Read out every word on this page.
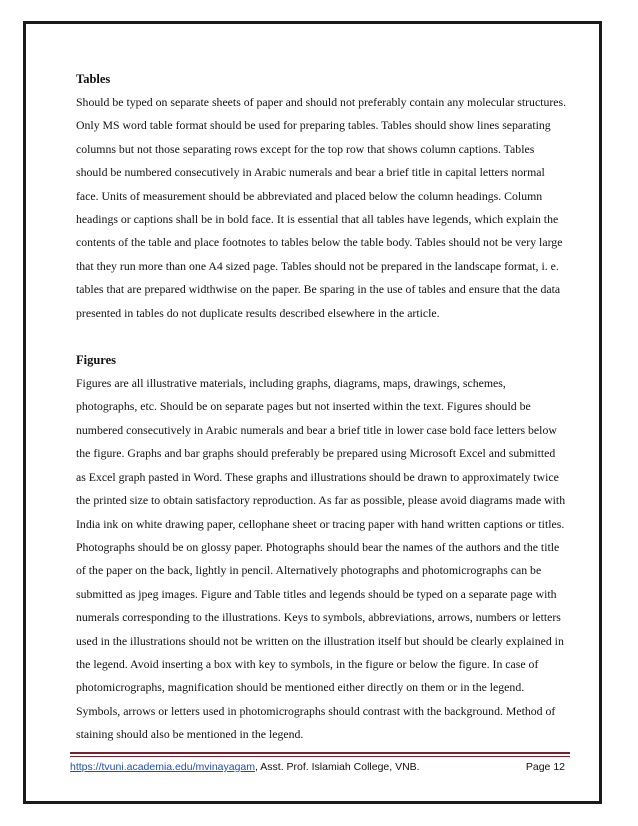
Tables

Should be typed on separate sheets of paper and should not preferably contain any molecular structures. Only MS word table format should be used for preparing tables. Tables should show lines separating columns but not those separating rows except for the top row that shows column captions. Tables should be numbered consecutively in Arabic numerals and bear a brief title in capital letters normal face. Units of measurement should be abbreviated and placed below the column headings. Column headings or captions shall be in bold face. It is essential that all tables have legends, which explain the contents of the table and place footnotes to tables below the table body. Tables should not be very large that they run more than one A4 sized page. Tables should not be prepared in the landscape format, i. e. tables that are prepared widthwise on the paper. Be sparing in the use of tables and ensure that the data presented in tables do not duplicate results described elsewhere in the article.

Figures

Figures are all illustrative materials, including graphs, diagrams, maps, drawings, schemes, photographs, etc. Should be on separate pages but not inserted within the text. Figures should be numbered consecutively in Arabic numerals and bear a brief title in lower case bold face letters below the figure. Graphs and bar graphs should preferably be prepared using Microsoft Excel and submitted as Excel graph pasted in Word. These graphs and illustrations should be drawn to approximately twice the printed size to obtain satisfactory reproduction. As far as possible, please avoid diagrams made with India ink on white drawing paper, cellophane sheet or tracing paper with hand written captions or titles. Photographs should be on glossy paper. Photographs should bear the names of the authors and the title of the paper on the back, lightly in pencil. Alternatively photographs and photomicrographs can be submitted as jpeg images. Figure and Table titles and legends should be typed on a separate page with numerals corresponding to the illustrations. Keys to symbols, abbreviations, arrows, numbers or letters used in the illustrations should not be written on the illustration itself but should be clearly explained in the legend. Avoid inserting a box with key to symbols, in the figure or below the figure. In case of photomicrographs, magnification should be mentioned either directly on them or in the legend. Symbols, arrows or letters used in photomicrographs should contrast with the background. Method of staining should also be mentioned in the legend.

https://tvuni.academia.edu/mvinayagam, Asst. Prof. Islamiah College, VNB.	Page 12
